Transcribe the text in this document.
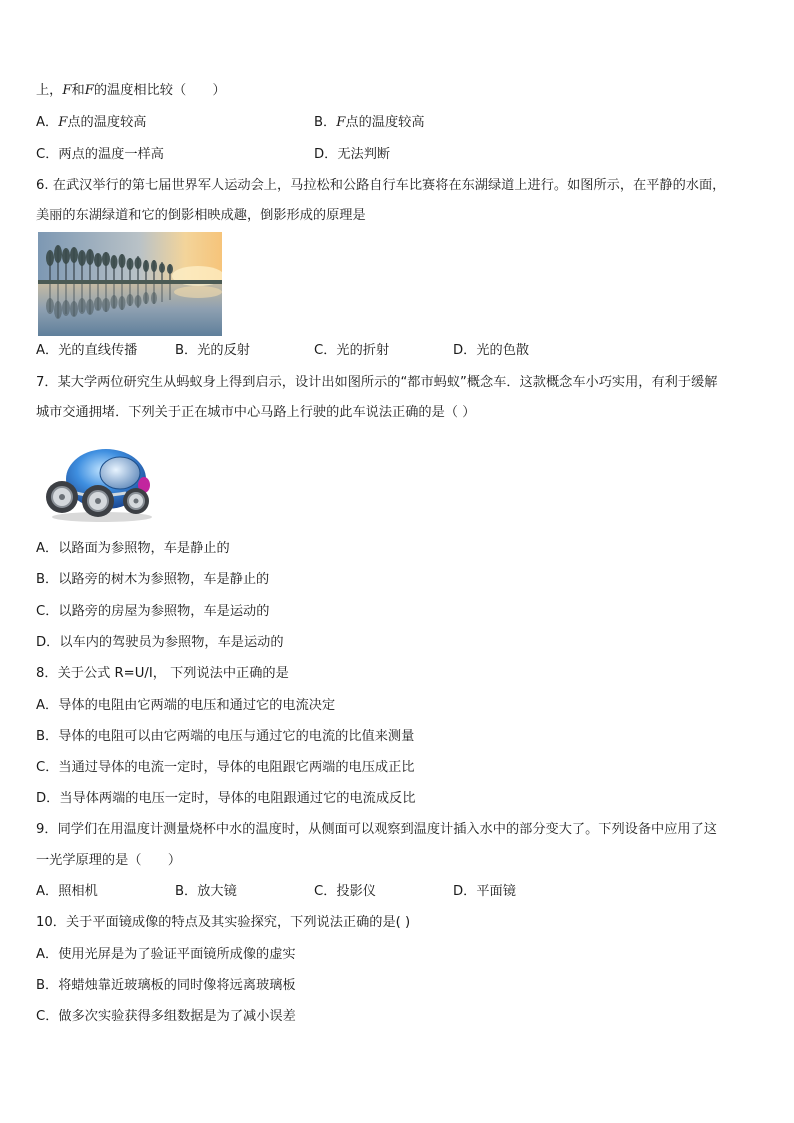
上，F和F的温度相比较（　　）
A．F点的温度较高	B．F点的温度较高
C．两点的温度一样高	D．无法判断
6. 在武汉举行的第七届世界军人运动会上，马拉松和公路自行车比赛将在东湖绿道上进行。如图所示，在平静的水面，
美丽的东湖绿道和它的倒影相映成趣，倒影形成的原理是
A．光的直线传播	B．光的反射	C．光的折射	D．光的色散
7．某大学两位研究生从蚂蚁身上得到启示，设计出如图所示的“都市蚂蚁”概念车．这款概念车小巧实用，有利于缓解
城市交通拥堵．下列关于正在城市中心马路上行驶的此车说法正确的是（ ）
A．以路面为参照物，车是静止的
B．以路旁的树木为参照物，车是静止的
C．以路旁的房屋为参照物，车是运动的
D．以车内的驾驶员为参照物，车是运动的
8．关于公式 R=U/I， 下列说法中正确的是
A．导体的电阻由它两端的电压和通过它的电流决定
B．导体的电阻可以由它两端的电压与通过它的电流的比值来测量
C．当通过导体的电流一定时，导体的电阻跟它两端的电压成正比
D．当导体两端的电压一定时，导体的电阻跟通过它的电流成反比
9．同学们在用温度计测量烧杯中水的温度时，从侧面可以观察到温度计插入水中的部分变大了。下列设备中应用了这
一光学原理的是（　　）
A．照相机	B．放大镜	C．投影仪	D．平面镜
10．关于平面镜成像的特点及其实验探究，下列说法正确的是( )
A．使用光屏是为了验证平面镜所成像的虚实
B．将蜡烛靠近玻璃板的同时像将远离玻璃板
C．做多次实验获得多组数据是为了减小误差
